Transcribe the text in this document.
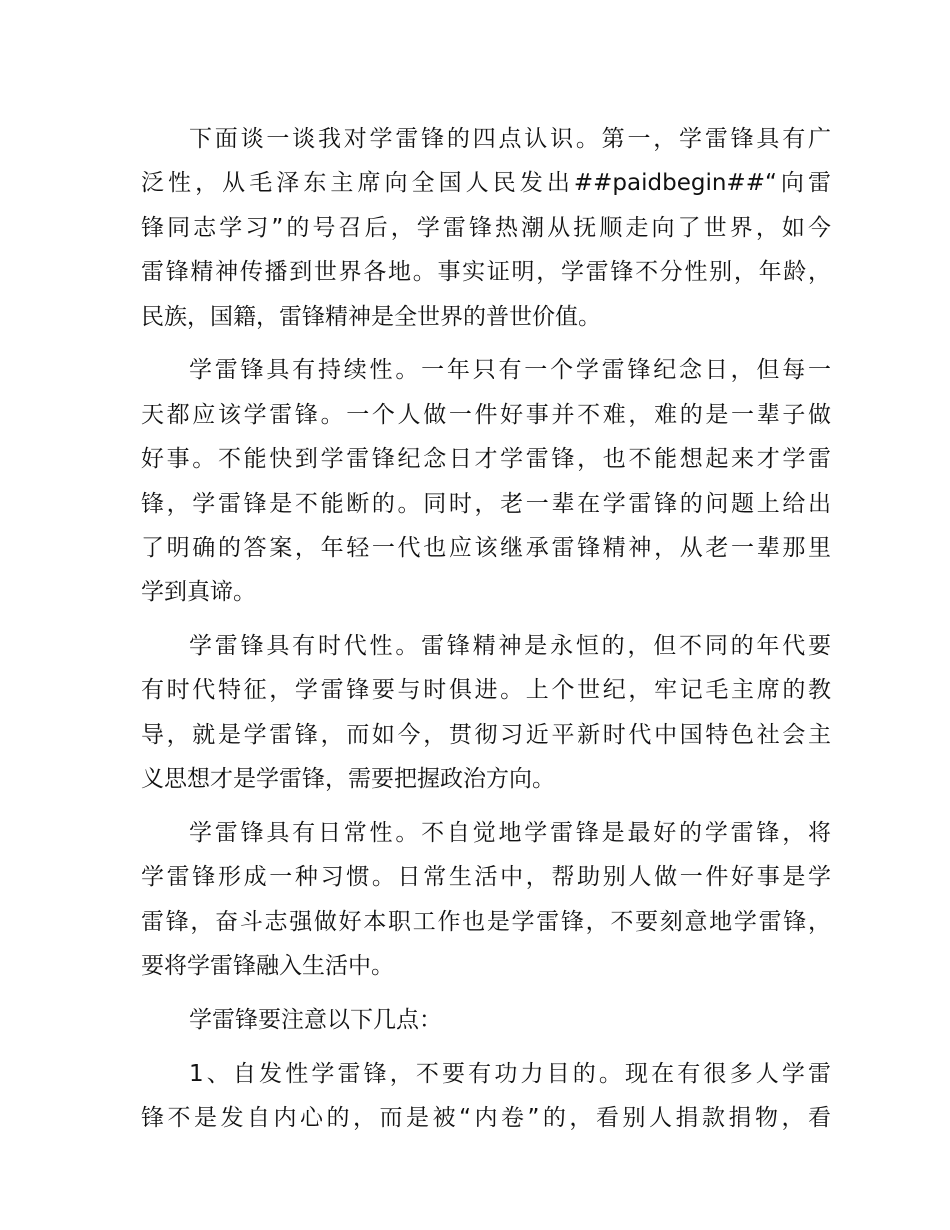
下面谈一谈我对学雷锋的四点认识。第一，学雷锋具有广
泛性，从毛泽东主席向全国人民发出##paidbegin##“向雷
锋同志学习”的号召后，学雷锋热潮从抚顺走向了世界，如今
雷锋精神传播到世界各地。事实证明，学雷锋不分性别，年龄，
民族，国籍，雷锋精神是全世界的普世价值。

学雷锋具有持续性。一年只有一个学雷锋纪念日，但每一
天都应该学雷锋。一个人做一件好事并不难，难的是一辈子做
好事。不能快到学雷锋纪念日才学雷锋，也不能想起来才学雷
锋，学雷锋是不能断的。同时，老一辈在学雷锋的问题上给出
了明确的答案，年轻一代也应该继承雷锋精神，从老一辈那里
学到真谛。

学雷锋具有时代性。雷锋精神是永恒的，但不同的年代要
有时代特征，学雷锋要与时俱进。上个世纪，牢记毛主席的教
导，就是学雷锋，而如今，贯彻习近平新时代中国特色社会主
义思想才是学雷锋，需要把握政治方向。

学雷锋具有日常性。不自觉地学雷锋是最好的学雷锋，将
学雷锋形成一种习惯。日常生活中，帮助别人做一件好事是学
雷锋，奋斗志强做好本职工作也是学雷锋，不要刻意地学雷锋，
要将学雷锋融入生活中。

学雷锋要注意以下几点：

1、自发性学雷锋，不要有功力目的。现在有很多人学雷
锋不是发自内心的，而是被“内卷”的，看别人捐款捐物，看
